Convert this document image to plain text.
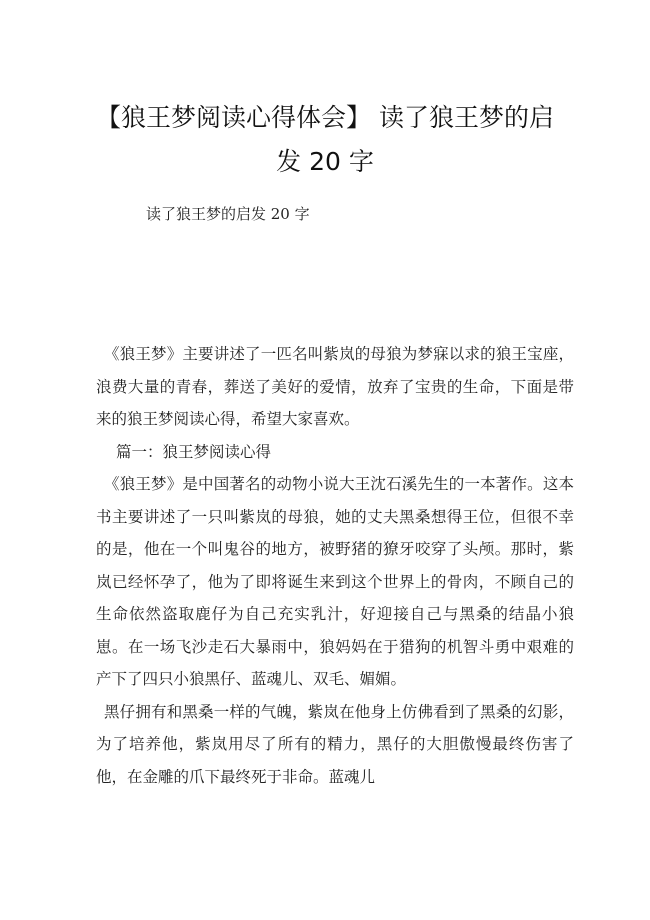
【狼王梦阅读心得体会】 读了狼王梦的启
发 20 字

读了狼王梦的启发 20 字

《狼王梦》主要讲述了一匹名叫紫岚的母狼为梦寐以求的狼王宝座，浪费大量的青春，葬送了美好的爱情，放弃了宝贵的生命，下面是带来的狼王梦阅读心得，希望大家喜欢。

篇一：狼王梦阅读心得

《狼王梦》是中国著名的动物小说大王沈石溪先生的一本著作。这本书主要讲述了一只叫紫岚的母狼，她的丈夫黑桑想得王位，但很不幸的是，他在一个叫鬼谷的地方，被野猪的獠牙咬穿了头颅。那时，紫岚已经怀孕了，他为了即将诞生来到这个世界上的骨肉，不顾自己的生命依然盗取鹿仔为自己充实乳汁，好迎接自己与黑桑的结晶小狼崽。在一场飞沙走石大暴雨中，狼妈妈在于猎狗的机智斗勇中艰难的产下了四只小狼黑仔、蓝魂儿、双毛、媚媚。

黑仔拥有和黑桑一样的气魄，紫岚在他身上仿佛看到了黑桑的幻影，为了培养他，紫岚用尽了所有的精力，黑仔的大胆傲慢最终伤害了他，在金雕的爪下最终死于非命。蓝魂儿
